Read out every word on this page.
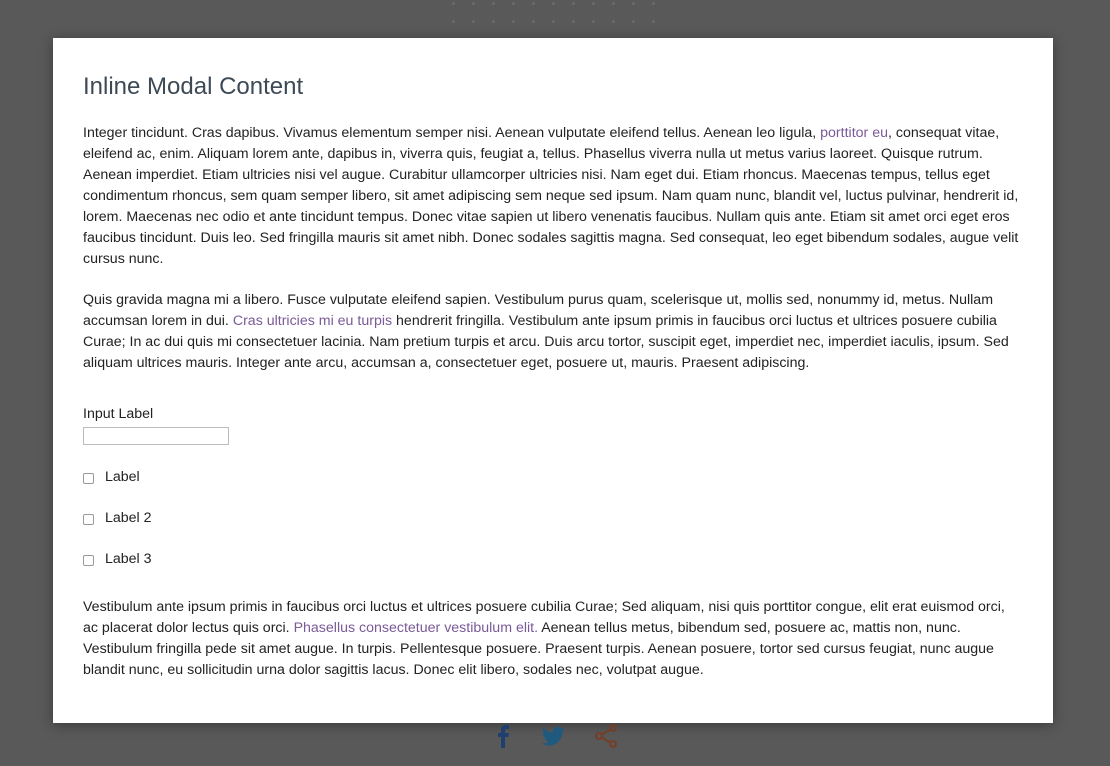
Inline Modal Content

Integer tincidunt. Cras dapibus. Vivamus elementum semper nisi. Aenean vulputate eleifend tellus. Aenean leo ligula, porttitor eu, consequat vitae, eleifend ac, enim. Aliquam lorem ante, dapibus in, viverra quis, feugiat a, tellus. Phasellus viverra nulla ut metus varius laoreet. Quisque rutrum. Aenean imperdiet. Etiam ultricies nisi vel augue. Curabitur ullamcorper ultricies nisi. Nam eget dui. Etiam rhoncus. Maecenas tempus, tellus eget condimentum rhoncus, sem quam semper libero, sit amet adipiscing sem neque sed ipsum. Nam quam nunc, blandit vel, luctus pulvinar, hendrerit id, lorem. Maecenas nec odio et ante tincidunt tempus. Donec vitae sapien ut libero venenatis faucibus. Nullam quis ante. Etiam sit amet orci eget eros faucibus tincidunt. Duis leo. Sed fringilla mauris sit amet nibh. Donec sodales sagittis magna. Sed consequat, leo eget bibendum sodales, augue velit cursus nunc.

Quis gravida magna mi a libero. Fusce vulputate eleifend sapien. Vestibulum purus quam, scelerisque ut, mollis sed, nonummy id, metus. Nullam accumsan lorem in dui. Cras ultricies mi eu turpis hendrerit fringilla. Vestibulum ante ipsum primis in faucibus orci luctus et ultrices posuere cubilia Curae; In ac dui quis mi consectetuer lacinia. Nam pretium turpis et arcu. Duis arcu tortor, suscipit eget, imperdiet nec, imperdiet iaculis, ipsum. Sed aliquam ultrices mauris. Integer ante arcu, accumsan a, consectetuer eget, posuere ut, mauris. Praesent adipiscing.

Input Label
Label
Label 2
Label 3

Vestibulum ante ipsum primis in faucibus orci luctus et ultrices posuere cubilia Curae; Sed aliquam, nisi quis porttitor congue, elit erat euismod orci, ac placerat dolor lectus quis orci. Phasellus consectetuer vestibulum elit. Aenean tellus metus, bibendum sed, posuere ac, mattis non, nunc. Vestibulum fringilla pede sit amet augue. In turpis. Pellentesque posuere. Praesent turpis. Aenean posuere, tortor sed cursus feugiat, nunc augue blandit nunc, eu sollicitudin urna dolor sagittis lacus. Donec elit libero, sodales nec, volutpat augue.
